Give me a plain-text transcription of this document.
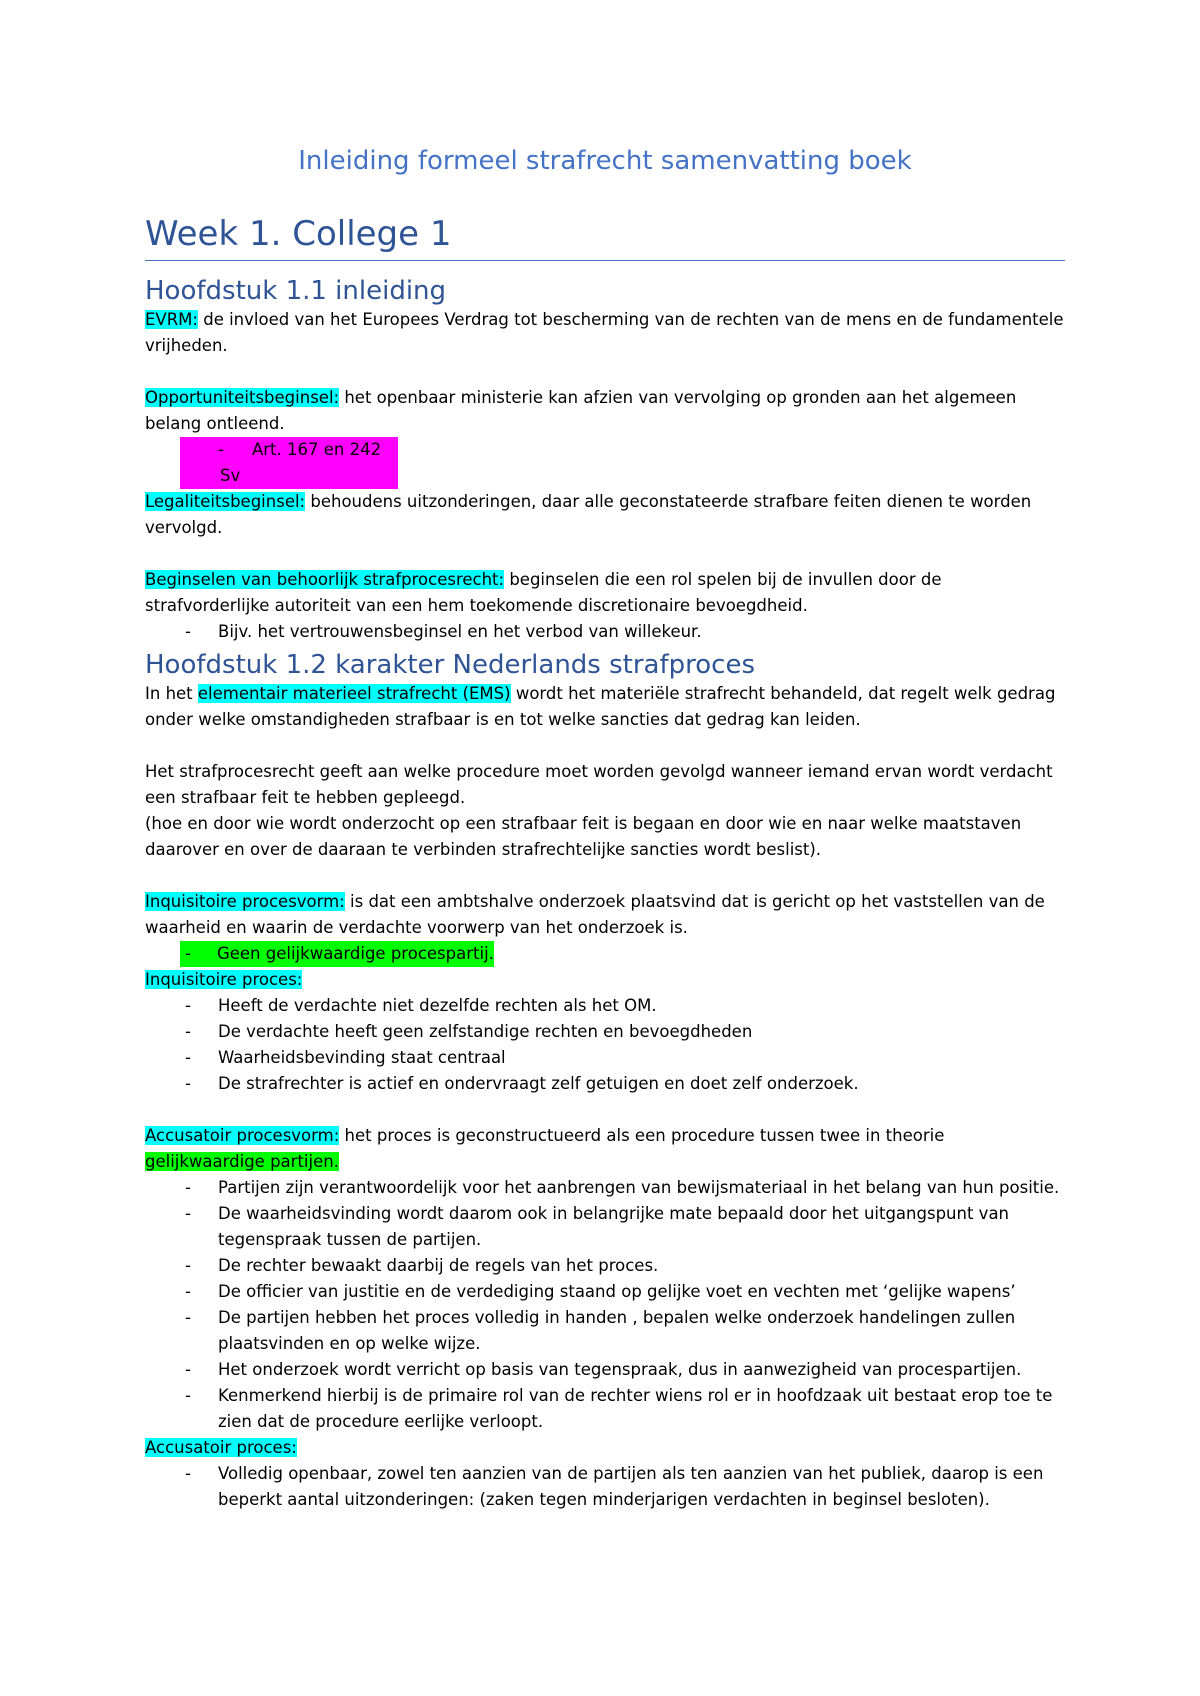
Inleiding formeel strafrecht samenvatting boek
Week 1. College 1
Hoofdstuk 1.1 inleiding

EVRM: de invloed van het Europees Verdrag tot bescherming van de rechten van de mens en de fundamentele vrijheden.

Opportuniteitsbeginsel: het openbaar ministerie kan afzien van vervolging op gronden aan het algemeen belang ontleend.

- Art. 167 en 242 Sv

Legaliteitsbeginsel: behoudens uitzonderingen, daar alle geconstateerde strafbare feiten dienen te worden vervolgd.

Beginselen van behoorlijk strafprocesrecht: beginselen die een rol spelen bij de invullen door de strafvorderlijke autoriteit van een hem toekomende discretionaire bevoegdheid.

- Bijv. het vertrouwensbeginsel en het verbod van willekeur.
Hoofdstuk 1.2 karakter Nederlands strafproces

In het elementair materieel strafrecht (EMS) wordt het materiële strafrecht behandeld, dat regelt welk gedrag onder welke omstandigheden strafbaar is en tot welke sancties dat gedrag kan leiden.

Het strafprocesrecht geeft aan welke procedure moet worden gevolgd wanneer iemand ervan wordt verdacht een strafbaar feit te hebben gepleegd.

(hoe en door wie wordt onderzocht op een strafbaar feit is begaan en door wie en naar welke maatstaven daarover en over de daaraan te verbinden strafrechtelijke sancties wordt beslist).

Inquisitoire procesvorm: is dat een ambtshalve onderzoek plaatsvind dat is gericht op het vaststellen van de waarheid en waarin de verdachte voorwerp van het onderzoek is.

- Geen gelijkwaardige procespartij.

Inquisitoire proces:

- Heeft de verdachte niet dezelfde rechten als het OM.
- De verdachte heeft geen zelfstandige rechten en bevoegdheden
- Waarheidsbevinding staat centraal
- De strafrechter is actief en ondervraagt zelf getuigen en doet zelf onderzoek.

Accusatoir procesvorm: het proces is geconstructueerd als een procedure tussen twee in theorie gelijkwaardige partijen.

- Partijen zijn verantwoordelijk voor het aanbrengen van bewijsmateriaal in het belang van hun positie.
- De waarheidsvinding wordt daarom ook in belangrijke mate bepaald door het uitgangspunt van tegenspraak tussen de partijen.
- De rechter bewaakt daarbij de regels van het proces.
- De officier van justitie en de verdediging staand op gelijke voet en vechten met ‘gelijke wapens’
- De partijen hebben het proces volledig in handen , bepalen welke onderzoek handelingen zullen plaatsvinden en op welke wijze.
- Het onderzoek wordt verricht op basis van tegenspraak, dus in aanwezigheid van procespartijen.
- Kenmerkend hierbij is de primaire rol van de rechter wiens rol er in hoofdzaak uit bestaat erop toe te zien dat de procedure eerlijke verloopt.

Accusatoir proces:

- Volledig openbaar, zowel ten aanzien van de partijen als ten aanzien van het publiek, daarop is een beperkt aantal uitzonderingen: (zaken tegen minderjarigen verdachten in beginsel besloten).
